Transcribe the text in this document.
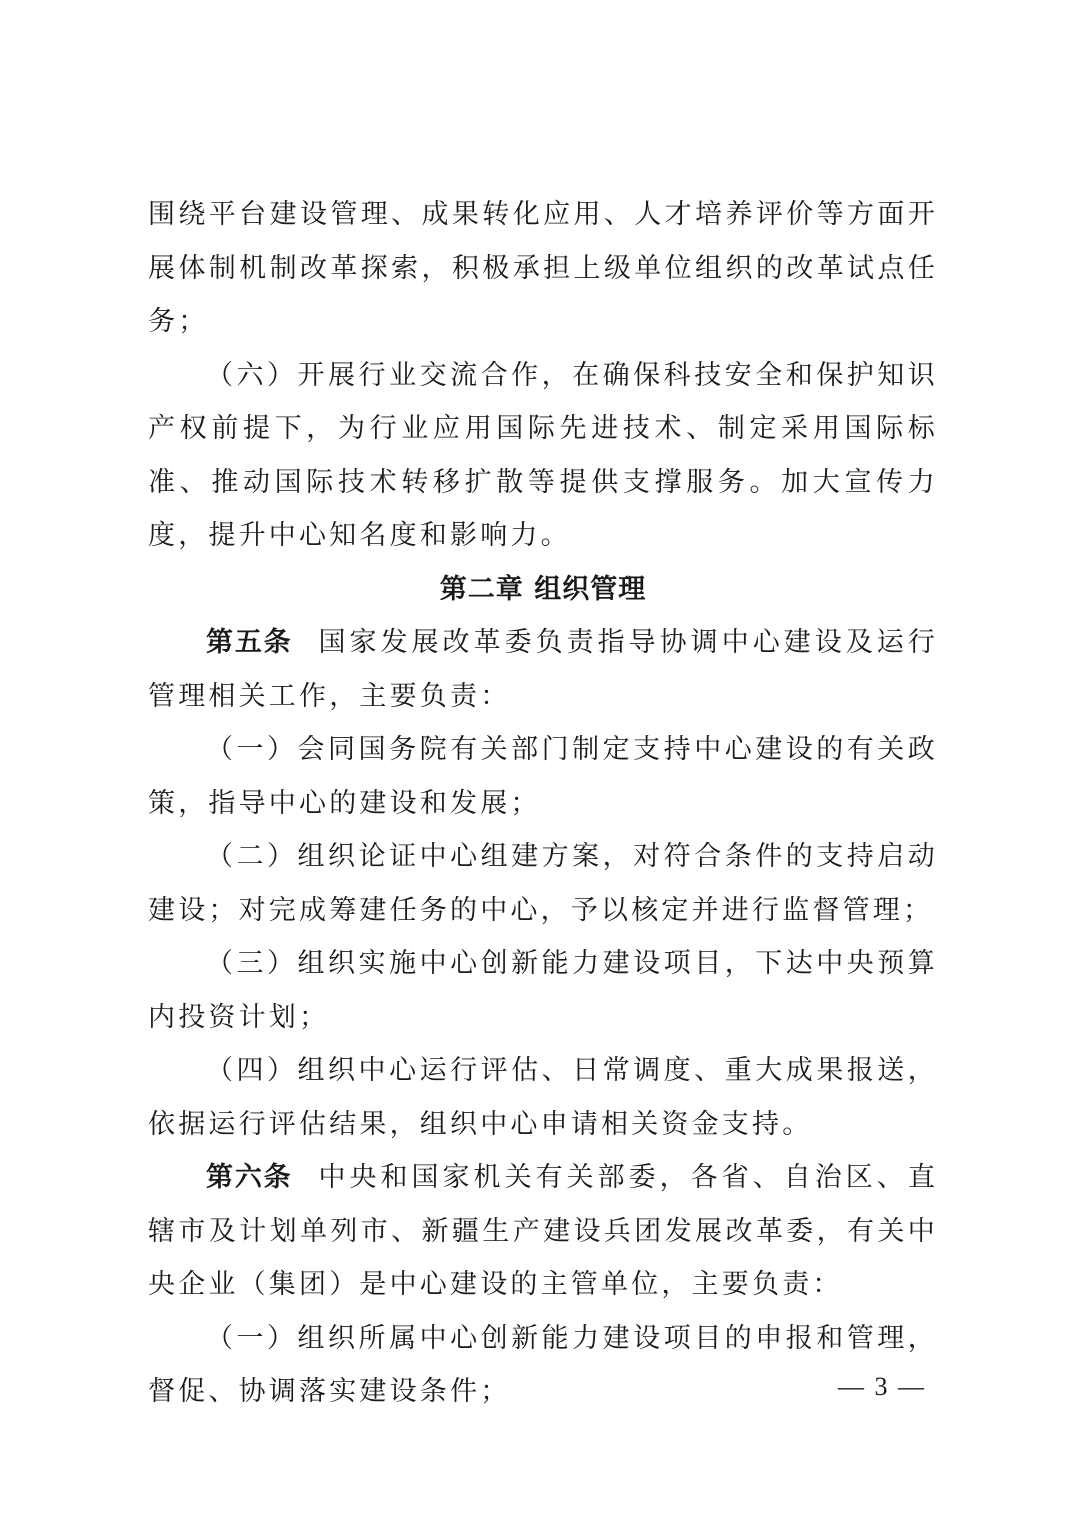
围绕平台建设管理、成果转化应用、人才培养评价等方面开展体制机制改革探索，积极承担上级单位组织的改革试点任务；

（六）开展行业交流合作，在确保科技安全和保护知识产权前提下，为行业应用国际先进技术、制定采用国际标准、推动国际技术转移扩散等提供支撑服务。加大宣传力度，提升中心知名度和影响力。

第二章 组织管理

第五条 国家发展改革委负责指导协调中心建设及运行管理相关工作，主要负责：

（一）会同国务院有关部门制定支持中心建设的有关政策，指导中心的建设和发展；

（二）组织论证中心组建方案，对符合条件的支持启动建设；对完成筹建任务的中心，予以核定并进行监督管理；

（三）组织实施中心创新能力建设项目，下达中央预算内投资计划；

（四）组织中心运行评估、日常调度、重大成果报送，依据运行评估结果，组织中心申请相关资金支持。

第六条 中央和国家机关有关部委，各省、自治区、直辖市及计划单列市、新疆生产建设兵团发展改革委，有关中央企业（集团）是中心建设的主管单位，主要负责：

（一）组织所属中心创新能力建设项目的申报和管理，督促、协调落实建设条件；	— 3 —
